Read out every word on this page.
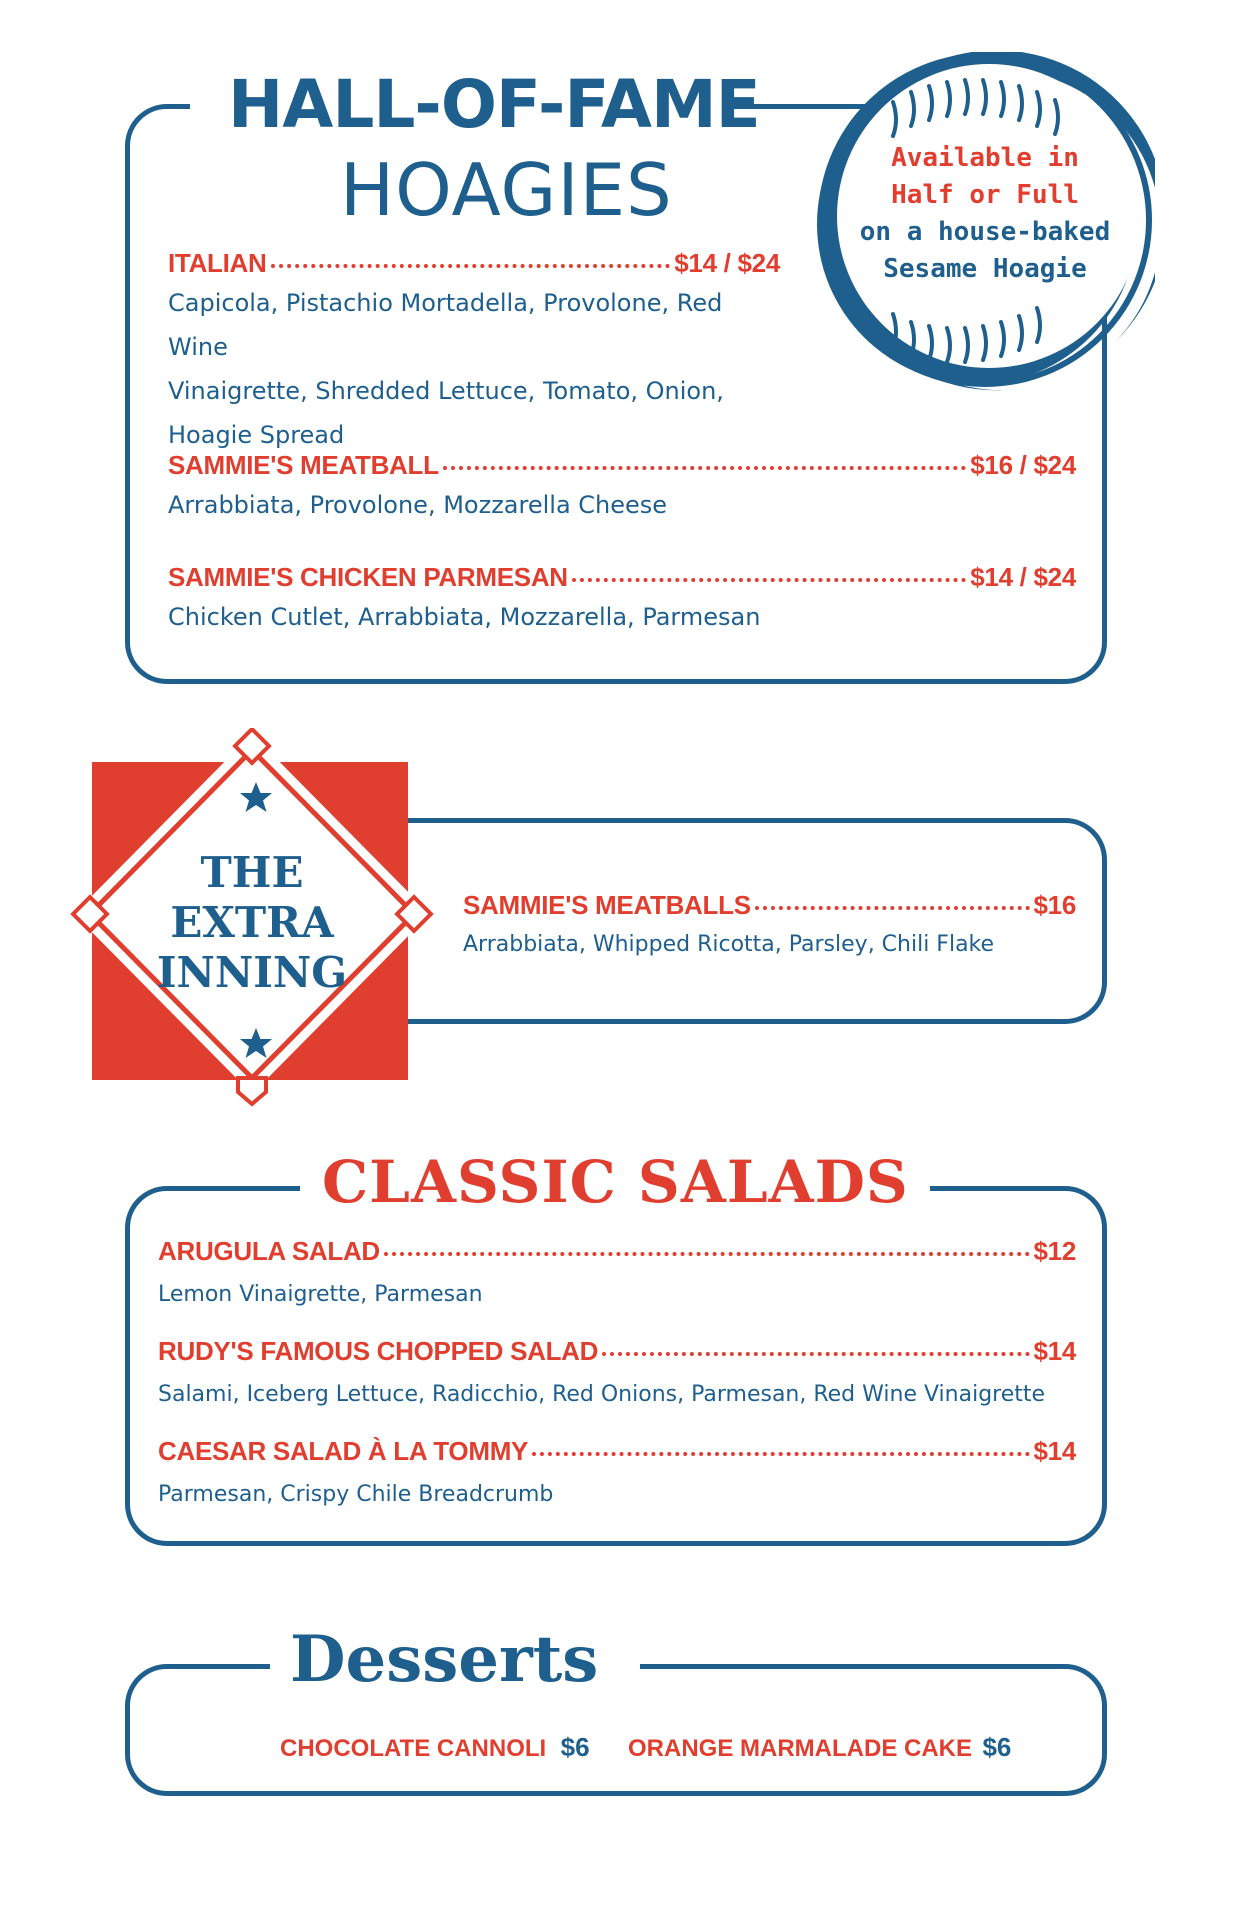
HALL-OF-FAME
HOAGIES	Available in
Half or Full
on a house-baked
Sesame Hoagie
ITALIAN	$14 / $24
Capicola, Pistachio Mortadella, Provolone, Red Wine
Vinaigrette, Shredded Lettuce, Tomato, Onion,
Hoagie Spread
SAMMIE'S MEATBALL	$16 / $24
Arrabbiata, Provolone, Mozzarella Cheese
SAMMIE'S CHICKEN PARMESAN	$14 / $24
Chicken Cutlet, Arrabbiata, Mozzarella, Parmesan
THE
EXTRA
INNING
SAMMIE'S MEATBALLS	$16
Arrabbiata, Whipped Ricotta, Parsley, Chili Flake
CLASSIC SALADS
ARUGULA SALAD	$12
Lemon Vinaigrette, Parmesan
RUDY'S FAMOUS CHOPPED SALAD	$14
Salami, Iceberg Lettuce, Radicchio, Red Onions, Parmesan, Red Wine Vinaigrette
CAESAR SALAD À LA TOMMY	$14
Parmesan, Crispy Chile Breadcrumb
Desserts
CHOCOLATE CANNOLI $6 ORANGE MARMALADE CAKE $6
